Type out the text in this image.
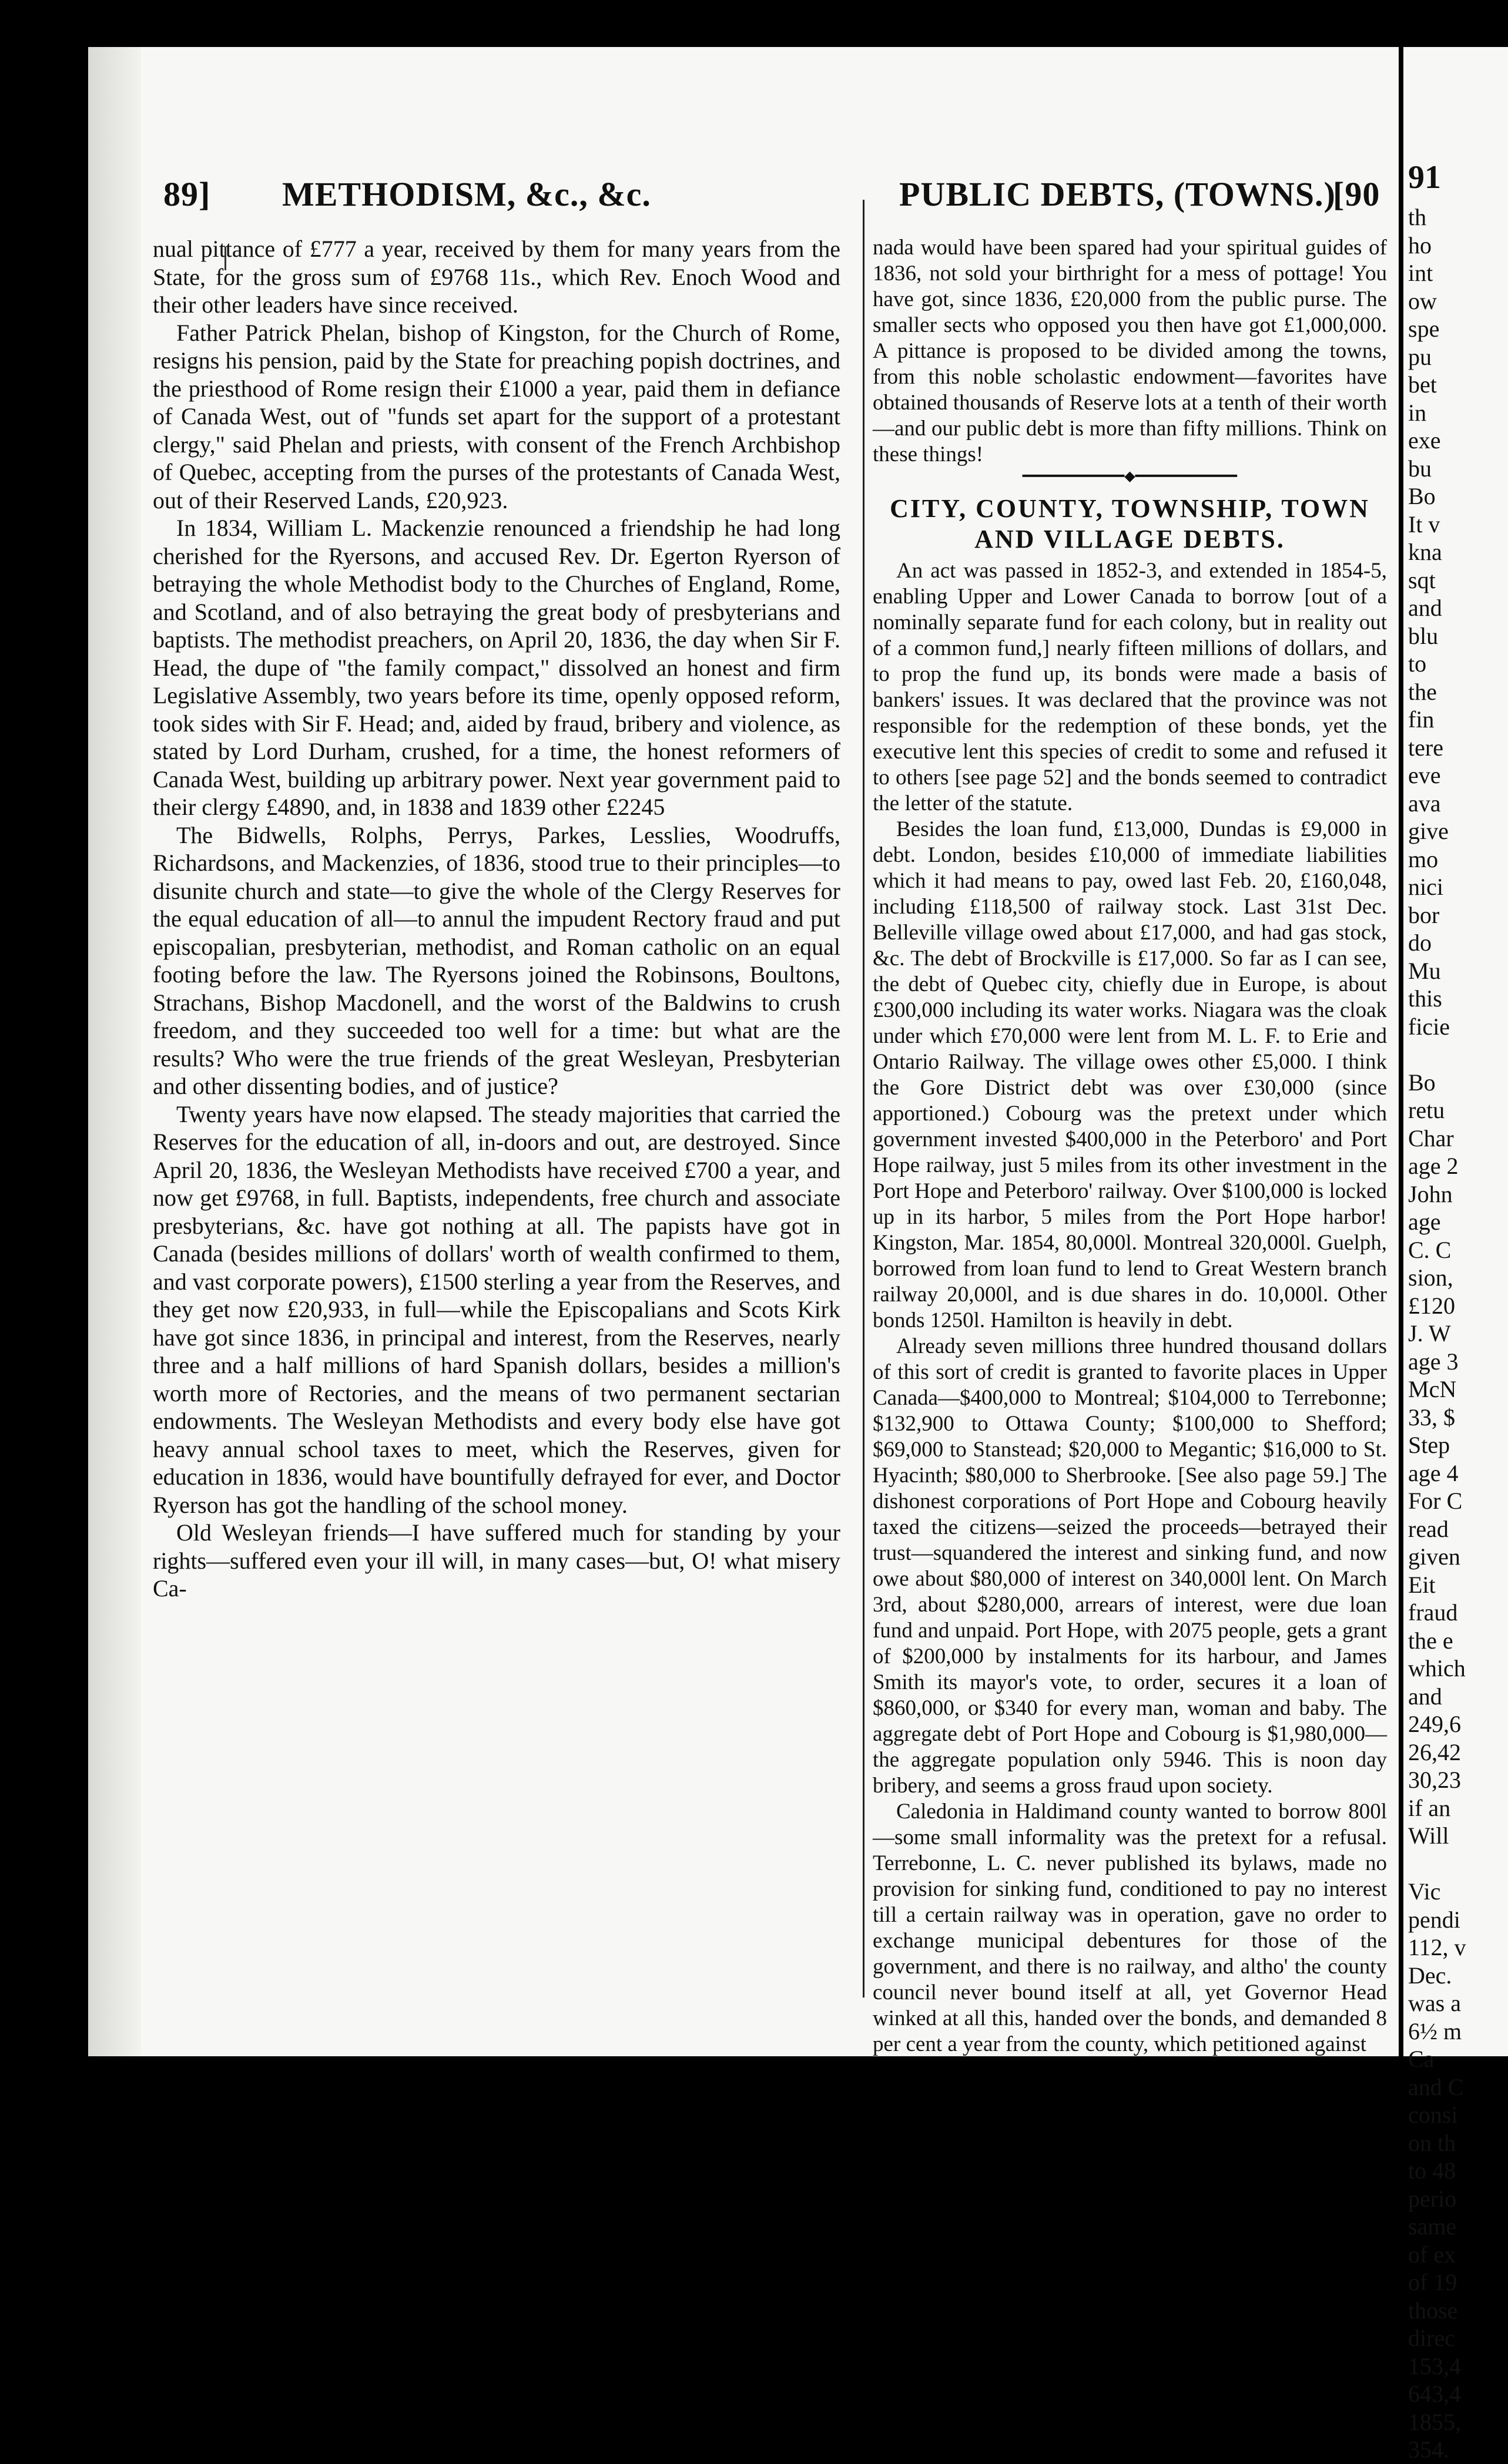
89] METHODISM, &c., &c.	PUBLIC DEBTS, (TOWNS.)
[90

nual pittance of £777 a year, received by them for many years from the State, for the gross sum of £9768 11s., which Rev. Enoch Wood and their other leaders have since received.

Father Patrick Phelan, bishop of Kingston, for the Church of Rome, resigns his pension, paid by the State for preaching popish doctrines, and the priesthood of Rome resign their £1000 a year, paid them in defiance of Canada West, out of "funds set apart for the support of a protestant clergy," said Phelan and priests, with consent of the French Archbishop of Quebec, accepting from the purses of the protestants of Canada West, out of their Reserved Lands, £20,923.

In 1834, William L. Mackenzie renounced a friendship he had long cherished for the Ryersons, and accused Rev. Dr. Egerton Ryerson of betraying the whole Methodist body to the Churches of England, Rome, and Scotland, and of also betraying the great body of presbyterians and baptists. The methodist preachers, on April 20, 1836, the day when Sir F. Head, the dupe of "the family compact," dissolved an honest and firm Legislative Assembly, two years before its time, openly opposed reform, took sides with Sir F. Head; and, aided by fraud, bribery and violence, as stated by Lord Durham, crushed, for a time, the honest reformers of Canada West, building up arbitrary power. Next year government paid to their clergy £4890, and, in 1838 and 1839 other £2245

The Bidwells, Rolphs, Perrys, Parkes, Lesslies, Woodruffs, Richardsons, and Mackenzies, of 1836, stood true to their principles—to disunite church and state—to give the whole of the Clergy Reserves for the equal education of all—to annul the impudent Rectory fraud and put episcopalian, presbyterian, methodist, and Roman catholic on an equal footing before the law. The Ryersons joined the Robinsons, Boultons, Strachans, Bishop Macdonell, and the worst of the Baldwins to crush freedom, and they succeeded too well for a time: but what are the results? Who were the true friends of the great Wesleyan, Presbyterian and other dissenting bodies, and of justice?

Twenty years have now elapsed. The steady majorities that carried the Reserves for the education of all, in-doors and out, are destroyed. Since April 20, 1836, the Wesleyan Methodists have received £700 a year, and now get £9768, in full. Baptists, independents, free church and associate presbyterians, &c. have got nothing at all. The papists have got in Canada (besides millions of dollars' worth of wealth confirmed to them, and vast corporate powers), £1500 sterling a year from the Reserves, and they get now £20,933, in full—while the Episcopalians and Scots Kirk have got since 1836, in principal and interest, from the Reserves, nearly three and a half millions of hard Spanish dollars, besides a million's worth more of Rectories, and the means of two permanent sectarian endowments. The Wesleyan Methodists and every body else have got heavy annual school taxes to meet, which the Reserves, given for education in 1836, would have bountifully defrayed for ever, and Doctor Ryerson has got the handling of the school money.

Old Wesleyan friends—I have suffered much for standing by your rights—suffered even your ill will, in many cases—but, O! what misery Ca-

nada would have been spared had your spiritual guides of 1836, not sold your birthright for a mess of pottage! You have got, since 1836, £20,000 from the public purse. The smaller sects who opposed you then have got £1,000,000. A pittance is proposed to be divided among the towns, from this noble scholastic endowment—favorites have obtained thousands of Reserve lots at a tenth of their worth—and our public debt is more than fifty millions. Think on these things!

━━━━━━━━━━━━◆━━━━━━━━━━━━
CITY, COUNTY, TOWNSHIP, TOWN AND VILLAGE DEBTS.

An act was passed in 1852-3, and extended in 1854-5, enabling Upper and Lower Canada to borrow [out of a nominally separate fund for each colony, but in reality out of a common fund,] nearly fifteen millions of dollars, and to prop the fund up, its bonds were made a basis of bankers' issues. It was declared that the province was not responsible for the redemption of these bonds, yet the executive lent this species of credit to some and refused it to others [see page 52] and the bonds seemed to contradict the letter of the statute.

Besides the loan fund, £13,000, Dundas is £9,000 in debt. London, besides £10,000 of immediate liabilities which it had means to pay, owed last Feb. 20, £160,048, including £118,500 of railway stock. Last 31st Dec. Belleville village owed about £17,000, and had gas stock, &c. The debt of Brockville is £17,000. So far as I can see, the debt of Quebec city, chiefly due in Europe, is about £300,000 including its water works. Niagara was the cloak under which £70,000 were lent from M. L. F. to Erie and Ontario Railway. The village owes other £5,000. I think the Gore District debt was over £30,000 (since apportioned.) Cobourg was the pretext under which government invested $400,000 in the Peterboro' and Port Hope railway, just 5 miles from its other investment in the Port Hope and Peterboro' railway. Over $100,000 is locked up in its harbor, 5 miles from the Port Hope harbor! Kingston, Mar. 1854, 80,000l. Montreal 320,000l. Guelph, borrowed from loan fund to lend to Great Western branch railway 20,000l, and is due shares in do. 10,000l. Other bonds 1250l. Hamilton is heavily in debt.

Already seven millions three hundred thousand dollars of this sort of credit is granted to favorite places in Upper Canada—$400,000 to Montreal; $104,000 to Terrebonne; $132,900 to Ottawa County; $100,000 to Shefford; $69,000 to Stanstead; $20,000 to Megantic; $16,000 to St. Hyacinth; $80,000 to Sherbrooke. [See also page 59.] The dishonest corporations of Port Hope and Cobourg heavily taxed the citizens—seized the proceeds—betrayed their trust—squandered the interest and sinking fund, and now owe about $80,000 of interest on 340,000l lent. On March 3rd, about $280,000, arrears of interest, were due loan fund and unpaid. Port Hope, with 2075 people, gets a grant of $200,000 by instalments for its harbour, and James Smith its mayor's vote, to order, secures it a loan of $860,000, or $340 for every man, woman and baby. The aggregate debt of Port Hope and Cobourg is $1,980,000—the aggregate population only 5946. This is noon day bribery, and seems a gross fraud upon society.

Caledonia in Haldimand county wanted to borrow 800l—some small informality was the pretext for a refusal. Terrebonne, L. C. never published its bylaws, made no provision for sinking fund, conditioned to pay no interest till a certain railway was in operation, gave no order to exchange municipal debentures for those of the government, and there is no railway, and altho' the county council never bound itself at all, yet Governor Head winked at all this, handed over the bonds, and demanded 8 per cent a year from the county, which petitioned against

91
th
ho
int
ow
spe
pu
bet
in
exe
bu
Bo
It v
kna
sqt
and
blu
to
the
fin
tere
eve
ava
give
mo
nici
bor
do
Mu
this
ficie

Bo
retu
Char
age 2
John
age
C. C
sion,
£120
J. W
age 3
McN
33, $
Step
age 4
For C
read
given
Eit
fraud
the e
which
and
249,6
26,42
30,23
if an
Will

Vic
pendi
112, v
Dec.
was a
6½ m
Ca
and C
consi
on th
to 48
perio
same
of ex
of 19
those
direc
153,4
643,4
1855,
354.
